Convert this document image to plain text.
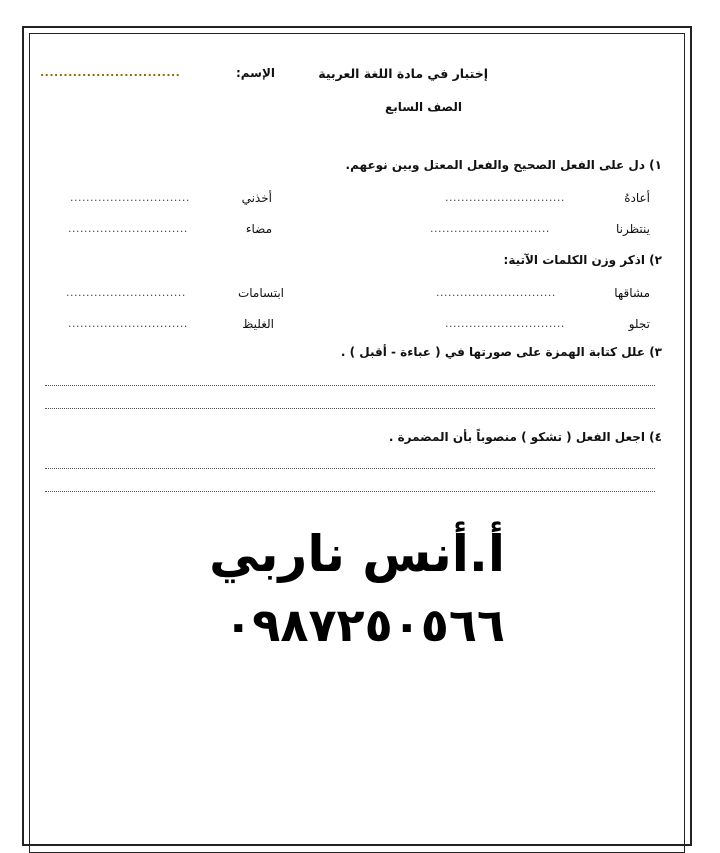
إختبار في مادة اللغة العربية
الإسم:
..............................
الصف السابع
١) دل على الفعل الصحيح والفعل المعتل وبين نوعهم.
أعادهُ
..............................
أخذني
..............................
ينتظرنا
..............................
مضاء
..............................
٢) اذكر وزن الكلمات الآتية:
مشاقها
..............................
ابتسامات
..............................
تجلو
..............................
الغليظ
..............................
٣) علل كتابة الهمزة على صورتها في ( عباءة - أقبل ) .
٤) اجعل الفعل ( تشكو ) منصوباً بأن المضمرة .
أ.أنس ناربي
٠٩٨٧٢٥٠٥٦٦
